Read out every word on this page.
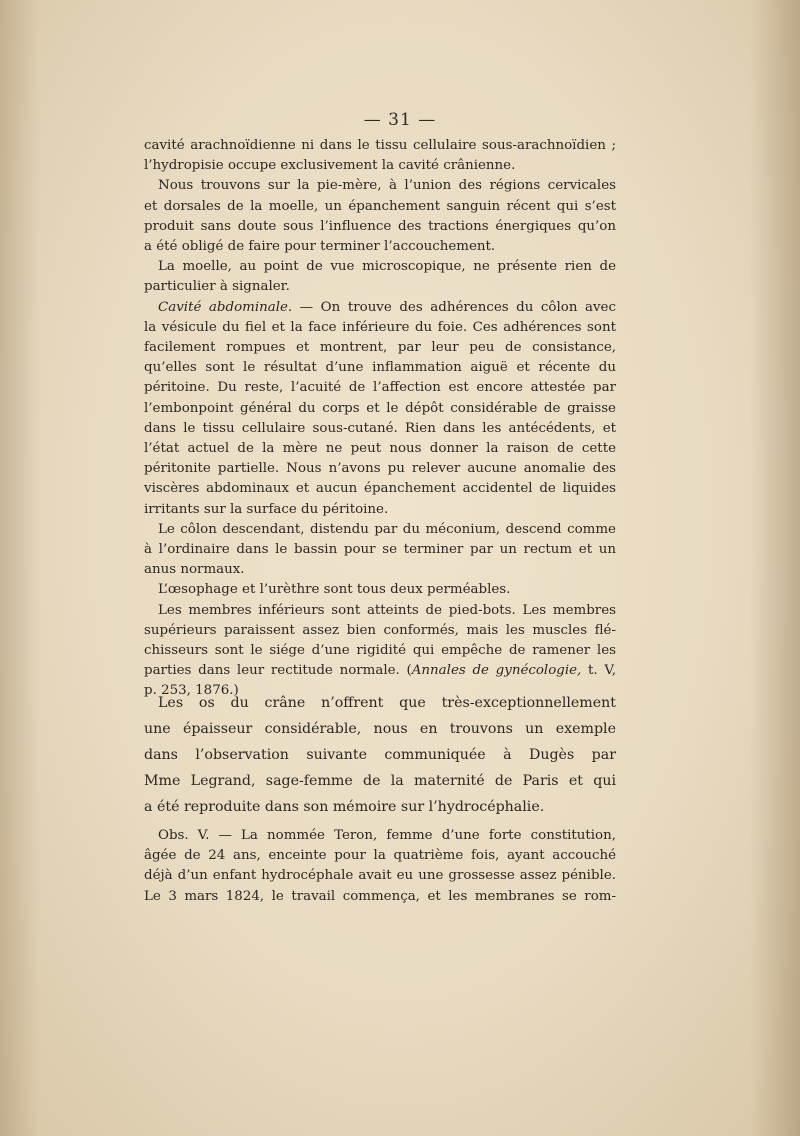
— 31 —
cavité arachnoïdienne ni dans le tissu cellulaire sous-arachnoïdien ;
l’hydropisie occupe exclusivement la cavité crânienne.
Nous trouvons sur la pie-mère, à l’union des régions cervicales
et dorsales de la moelle, un épanchement sanguin récent qui s’est
produit sans doute sous l’influence des tractions énergiques qu’on
a été obligé de faire pour terminer l’accouchement.
La moelle, au point de vue microscopique, ne présente rien de
particulier à signaler.
Cavité abdominale. — On trouve des adhérences du côlon avec
la vésicule du fiel et la face inférieure du foie. Ces adhérences sont
facilement rompues et montrent, par leur peu de consistance,
qu’elles sont le résultat d’une inflammation aiguë et récente du
péritoine. Du reste, l’acuité de l’affection est encore attestée par
l’embonpoint général du corps et le dépôt considérable de graisse
dans le tissu cellulaire sous-cutané. Rien dans les antécédents, et
l’état actuel de la mère ne peut nous donner la raison de cette
péritonite partielle. Nous n’avons pu relever aucune anomalie des
viscères abdominaux et aucun épanchement accidentel de liquides
irritants sur la surface du péritoine.
Le côlon descendant, distendu par du méconium, descend comme
à l’ordinaire dans le bassin pour se terminer par un rectum et un
anus normaux.
L’œsophage et l’urèthre sont tous deux perméables.
Les membres inférieurs sont atteints de pied-bots. Les membres
supérieurs paraissent assez bien conformés, mais les muscles flé-
chisseurs sont le siége d’une rigidité qui empêche de ramener les
parties dans leur rectitude normale. (Annales de gynécologie, t. V,
p. 253, 1876.)
Les os du crâne n’offrent que très-exceptionnellement
une épaisseur considérable, nous en trouvons un exemple
dans l’observation suivante communiquée à Dugès par
Mme Legrand, sage-femme de la maternité de Paris et qui
a été reproduite dans son mémoire sur l’hydrocéphalie.
Obs. V. — La nommée Teron, femme d’une forte constitution,
âgée de 24 ans, enceinte pour la quatrième fois, ayant accouché
déjà d’un enfant hydrocéphale avait eu une grossesse assez pénible.
Le 3 mars 1824, le travail commença, et les membranes se rom-
